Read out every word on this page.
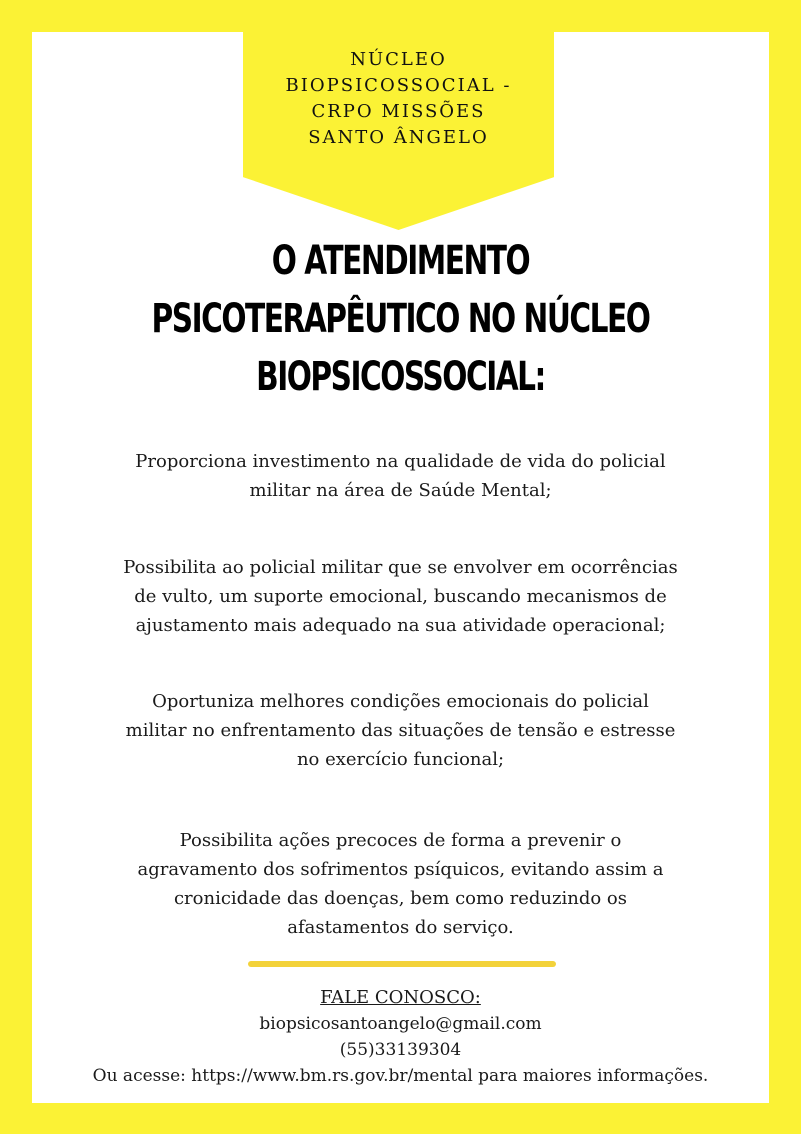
NÚCLEO
BIOPSICOSSOCIAL -
CRPO MISSÕES
SANTO ÂNGELO
O ATENDIMENTO
PSICOTERAPÊUTICO NO NÚCLEO
BIOPSICOSSOCIAL:
Proporciona investimento na qualidade de vida do policial
militar na área de Saúde Mental;
Possibilita ao policial militar que se envolver em ocorrências
de vulto, um suporte emocional, buscando mecanismos de
ajustamento mais adequado na sua atividade operacional;
Oportuniza melhores condições emocionais do policial
militar no enfrentamento das situações de tensão e estresse
no exercício funcional;
Possibilita ações precoces de forma a prevenir o
agravamento dos sofrimentos psíquicos, evitando assim a
cronicidade das doenças, bem como reduzindo os
afastamentos do serviço.
FALE CONOSCO:
biopsicosantoangelo@gmail.com
(55)33139304
Ou acesse: https://www.bm.rs.gov.br/mental para maiores informações.
